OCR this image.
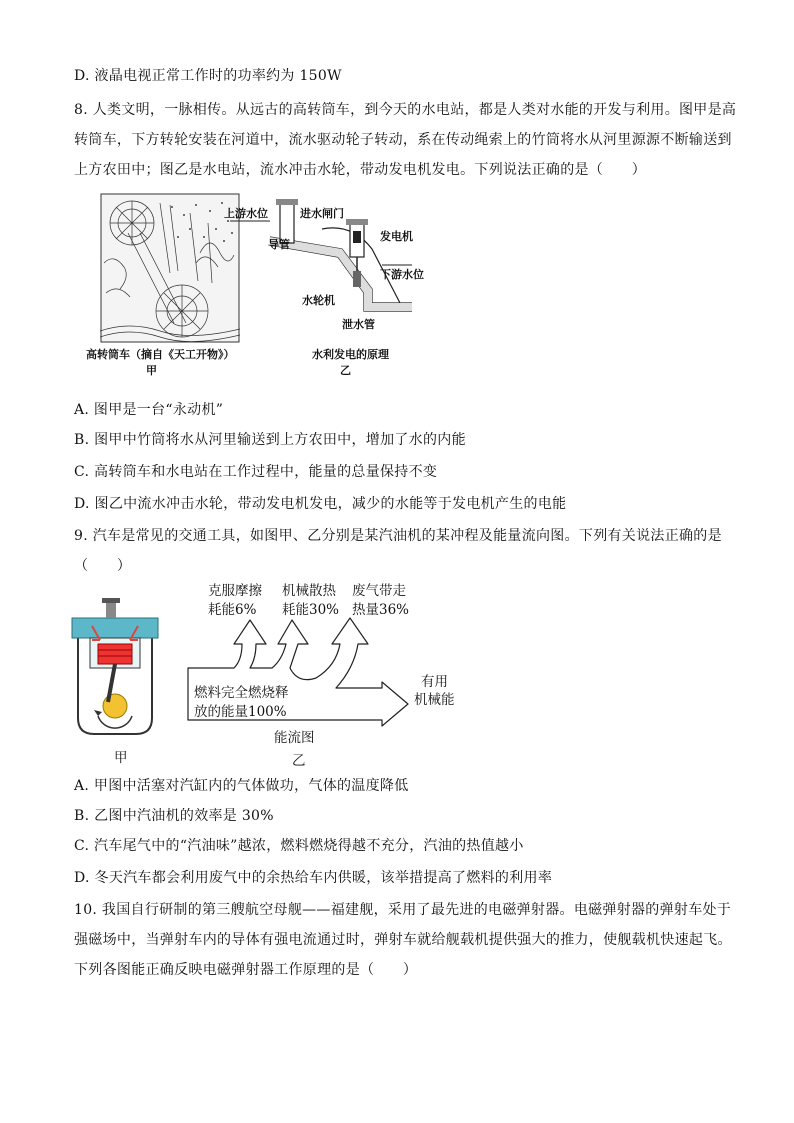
D. 液晶电视正常工作时的功率约为 150W
8. 人类文明，一脉相传。从远古的高转筒车，到今天的水电站，都是人类对水能的开发与利用。图甲是高
转筒车，下方转轮安装在河道中，流水驱动轮子转动，系在传动绳索上的竹筒将水从河里源源不断输送到
上方农田中；图乙是水电站，流水冲击水轮，带动发电机发电。下列说法正确的是（　　）
高转筒车（摘自《天工开物》）
甲
上游水位	进水闸门
发电机
导管
下游水位
水轮机
泄水管
水利发电的原理
乙
A. 图甲是一台“永动机”
B. 图甲中竹筒将水从河里输送到上方农田中，增加了水的内能
C. 高转筒车和水电站在工作过程中，能量的总量保持不变
D. 图乙中流水冲击水轮，带动发电机发电，减少的水能等于发电机产生的电能
9. 汽车是常见的交通工具，如图甲、乙分别是某汽油机的某冲程及能量流向图。下列有关说法正确的是
（　　）
甲
克服摩擦
耗能6%
机械散热
耗能30%
废气带走
热量36%
有用
机械能
燃料完全燃烧释
放的能量100%
能流图
乙
A. 甲图中活塞对汽缸内的气体做功，气体的温度降低
B. 乙图中汽油机的效率是 30%
C. 汽车尾气中的“汽油味”越浓，燃料燃烧得越不充分，汽油的热值越小
D. 冬天汽车都会利用废气中的余热给车内供暖，该举措提高了燃料的利用率
10. 我国自行研制的第三艘航空母舰——福建舰，采用了最先进的电磁弹射器。电磁弹射器的弹射车处于
强磁场中，当弹射车内的导体有强电流通过时，弹射车就给舰载机提供强大的推力，使舰载机快速起飞。
下列各图能正确反映电磁弹射器工作原理的是（　　）
